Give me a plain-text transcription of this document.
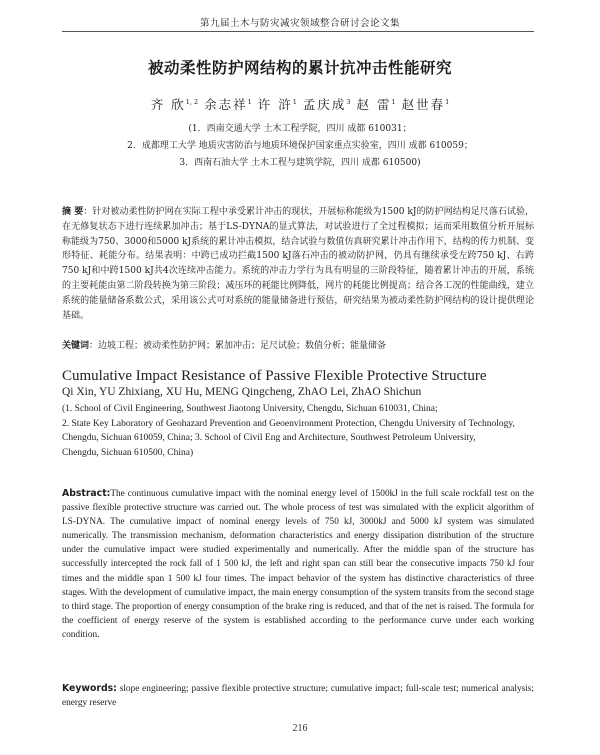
第九届土木与防灾减灾领域整合研讨会论文集
被动柔性防护网结构的累计抗冲击性能研究
齐 欣$^{1, 2}$ 余志祥$^1$ 许 浒$^1$ 孟庆成$^3$ 赵 雷$^1$ 赵世春$^1$
(1．西南交通大学 土木工程学院，四川 成都 610031；
2．成都理工大学 地质灾害防治与地质环境保护国家重点实验室，四川 成都 610059；
3．西南石油大学 土木工程与建筑学院，四川 成都 610500)
摘 要：针对被动柔性防护网在实际工程中承受累计冲击的现状，开展标称能级为1500 kJ的防护网结构足尺落石试验，在无修复状态下进行连续累加冲击；基于LS-DYNA的显式算法，对试验进行了全过程模拟；运而采用数值分析开展标称能级为750、3000和5000 kJ系统的累计冲击模拟，结合试验与数值仿真研究累计冲击作用下，结构的传力机制、变形特征、耗能分布。结果表明：中跨已成功拦截1500 kJ落石冲击的被动防护网，仍具有继续承受左跨750 kJ、右跨750 kJ和中跨1500 kJ共4次连续冲击能力。系统的冲击力学行为具有明显的三阶段特征，随着累计冲击的开展，系统的主要耗能由第二阶段转换为第三阶段；减压环的耗能比例降低，网片的耗能比例提高；结合各工况的性能曲线，建立系统的能量储备系数公式，采用该公式可对系统的能量储备进行预估，研究结果为被动柔性防护网结构的设计提供理论基础。
关键词：边坡工程；被动柔性防护网；累加冲击；足尺试验；数值分析；能量储备
Cumulative Impact Resistance of Passive Flexible Protective Structure
Qi Xin, YU Zhixiang, XU Hu, MENG Qingcheng, ZhAO Lei, ZhAO Shichun
(1. School of Civil Engineering, Southwest Jiaotong University, Chengdu, Sichuan 610031, China;
2. State Key Laboratory of Geohazard Prevention and Geoenvironment Protection, Chengdu University of Technology,
Chengdu, Sichuan 610059, China; 3. School of Civil Eng and Architecture, Southwest Petroleum University,
Chengdu, Sichuan 610500, China)
Abstract:The continuous cumulative impact with the nominal energy level of 1500kJ in the full scale rockfall test on the passive flexible protective structure was carried out. The whole process of test was simulated with the explicit algorithm of LS-DYNA. The cumulative impact of nominal energy levels of 750 kJ, 3000kJ and 5000 kJ system was simulated numerically. The transmission mechanism, deformation characteristics and energy dissipation distribution of the structure under the cumulative impact were studied experimentally and numerically. After the middle span of the structure has successfully intercepted the rock fall of 1 500 kJ, the left and right span can still bear the consecutive impacts 750 kJ four times and the middle span 1 500 kJ four times. The impact behavior of the system has distinctive characteristics of three stages. With the development of cumulative impact, the main energy consumption of the system transits from the second stage to third stage. The proportion of energy consumption of the brake ring is reduced, and that of the net is raised. The formula for the coefficient of energy reserve of the system is established according to the performance curve under each working condition.
Keywords: slope engineering; passive flexible protective structure; cumulative impact; full-scale test; numerical analysis; energy reserve
216
